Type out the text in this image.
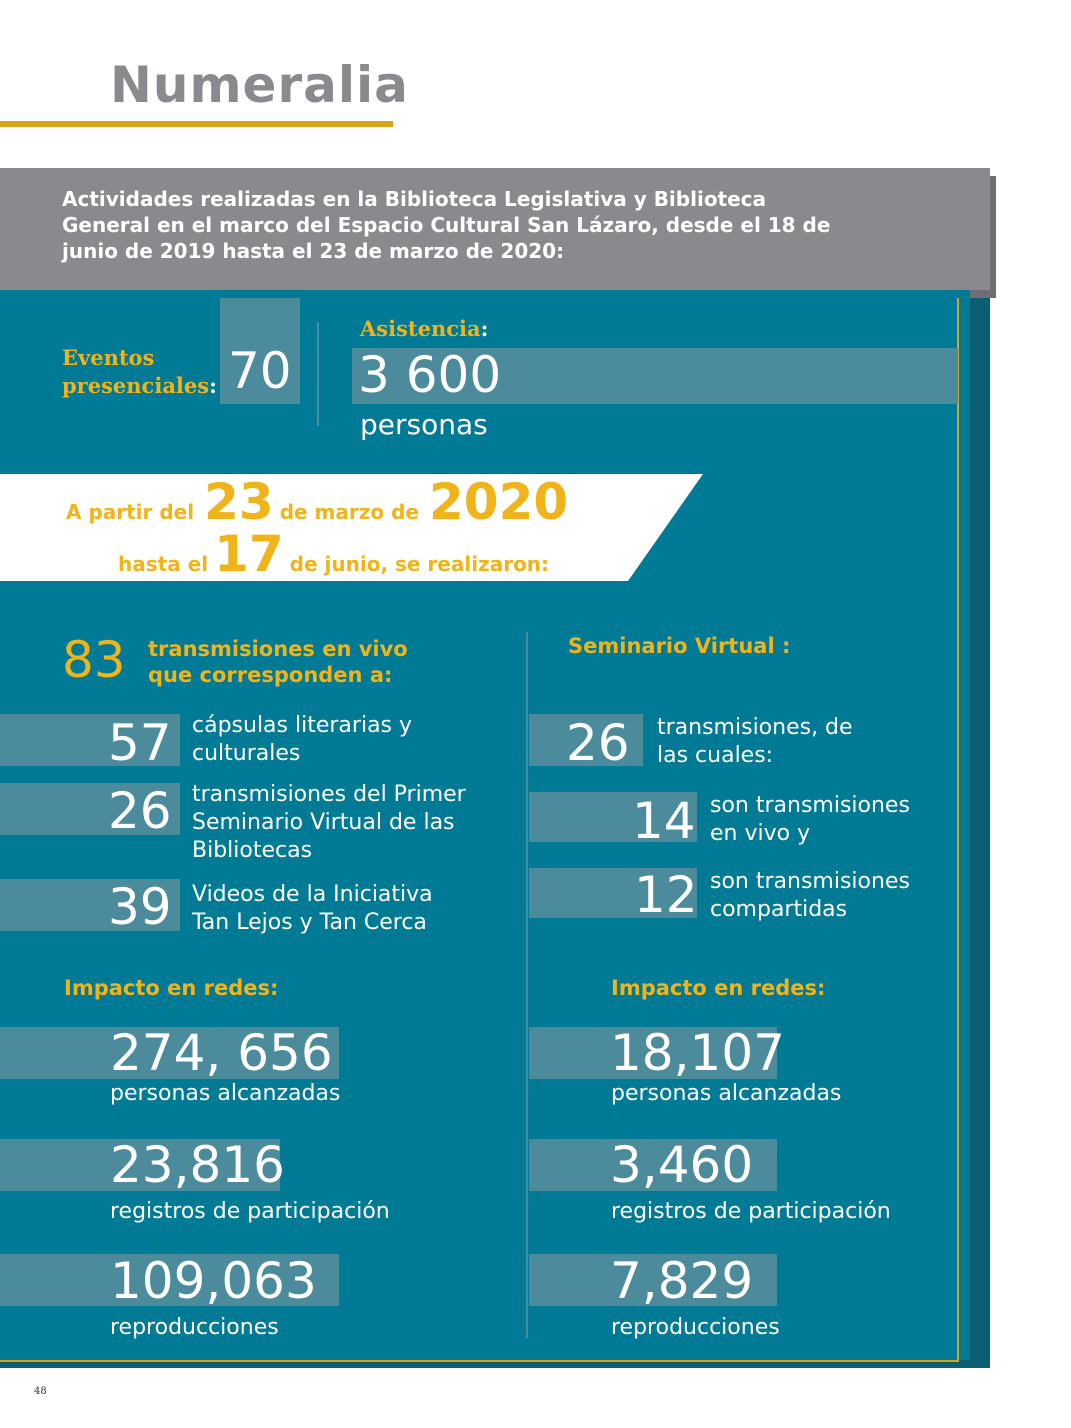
Numeralia
Actividades realizadas en la Biblioteca Legislativa y Biblioteca General en el marco del Espacio Cultural San Lázaro, desde el 18 de junio de 2019 hasta el 23 de marzo de 2020:
Eventos presenciales: 70
Asistencia:
3 600
personas
A partir del 23 de marzo de 2020
hasta el 17 de junio, se realizaron:
83 transmisiones en vivo que corresponden a:
57 cápsulas literarias y culturales
26 transmisiones del Primer Seminario Virtual de las Bibliotecas
39 Videos de la Iniciativa Tan Lejos y Tan Cerca
Impacto en redes:
274, 656
personas alcanzadas
23,816
registros de participación
109,063
reproducciones
Seminario Virtual :
26 transmisiones, de las cuales:
14 son transmisiones en vivo y
12 son transmisiones compartidas
Impacto en redes:
18,107
personas alcanzadas
3,460
registros de participación
7,829
reproducciones
48
